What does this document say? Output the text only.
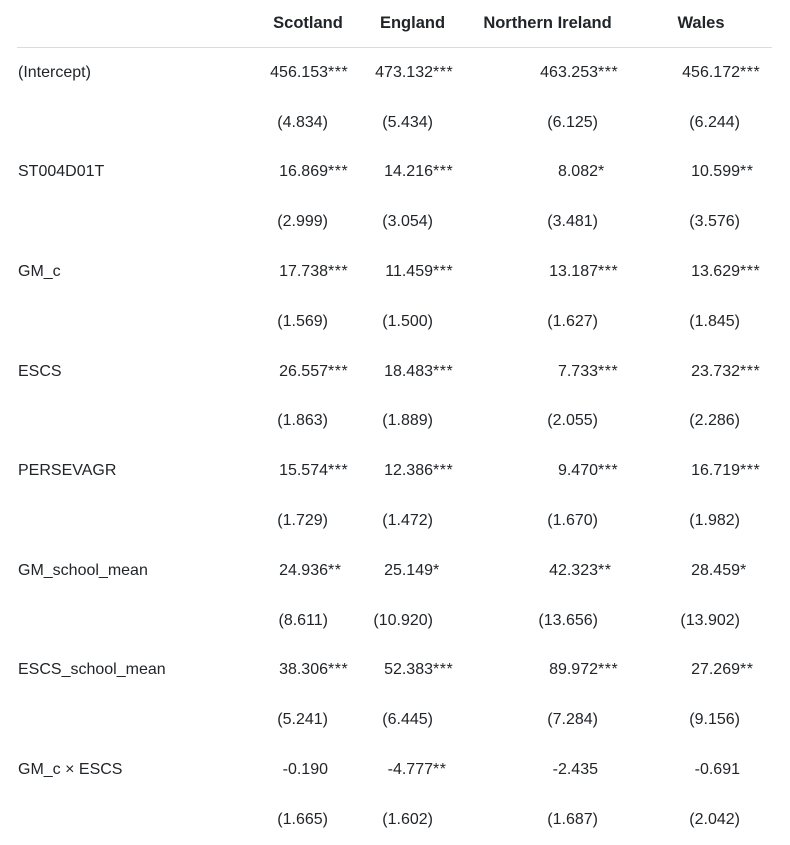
	Scotland	England	Northern Ireland	Wales
(Intercept)	456.153***	473.132***	463.253***	456.172***
	(4.834)	(5.434)	(6.125)	(6.244)
ST004D01T	16.869***	14.216***	8.082*	10.599**
	(2.999)	(3.054)	(3.481)	(3.576)
GM_c	17.738***	11.459***	13.187***	13.629***
	(1.569)	(1.500)	(1.627)	(1.845)
ESCS	26.557***	18.483***	7.733***	23.732***
	(1.863)	(1.889)	(2.055)	(2.286)
PERSEVAGR	15.574***	12.386***	9.470***	16.719***
	(1.729)	(1.472)	(1.670)	(1.982)
GM_school_mean	24.936**	25.149*	42.323**	28.459*
	(8.611)	(10.920)	(13.656)	(13.902)
ESCS_school_mean	38.306***	52.383***	89.972***	27.269**
	(5.241)	(6.445)	(7.284)	(9.156)
GM_c × ESCS	-0.190	-4.777**	-2.435	-0.691
	(1.665)	(1.602)	(1.687)	(2.042)
